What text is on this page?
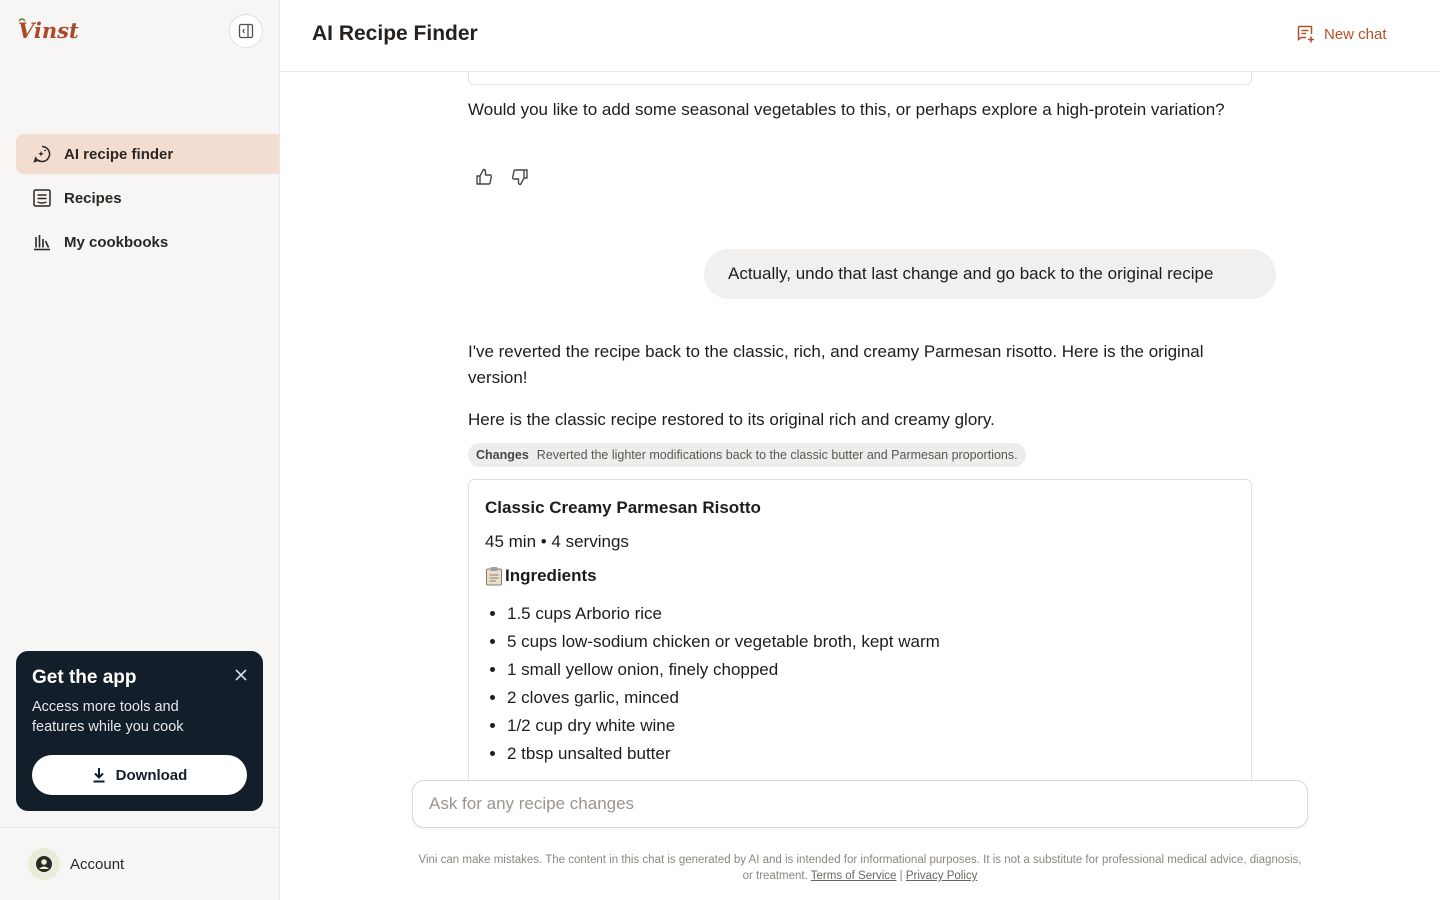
Vinst
AI recipe finder
Recipes
My cookbooks
Get the app
Access more tools and features while you cook
Download
Account
AI Recipe Finder	New chat

Would you like to add some seasonal vegetables to this, or perhaps explore a high-protein variation?

Actually, undo that last change and go back to the original recipe

I've reverted the recipe back to the classic, rich, and creamy Parmesan risotto. Here is the original version!

Here is the classic recipe restored to its original rich and creamy glory.

Changes Reverted the lighter modifications back to the classic butter and Parmesan proportions.
Classic Creamy Parmesan Risotto
45 min • 4 servings
Ingredients
• 1.5 cups Arborio rice
• 5 cups low-sodium chicken or vegetable broth, kept warm
• 1 small yellow onion, finely chopped
• 2 cloves garlic, minced
• 1/2 cup dry white wine
• 2 tbsp unsalted butter
Ask for any recipe changes
Vini can make mistakes. The content in this chat is generated by AI and is intended for informational purposes. It is not a substitute for professional medical advice, diagnosis, or treatment. Terms of Service | Privacy Policy
